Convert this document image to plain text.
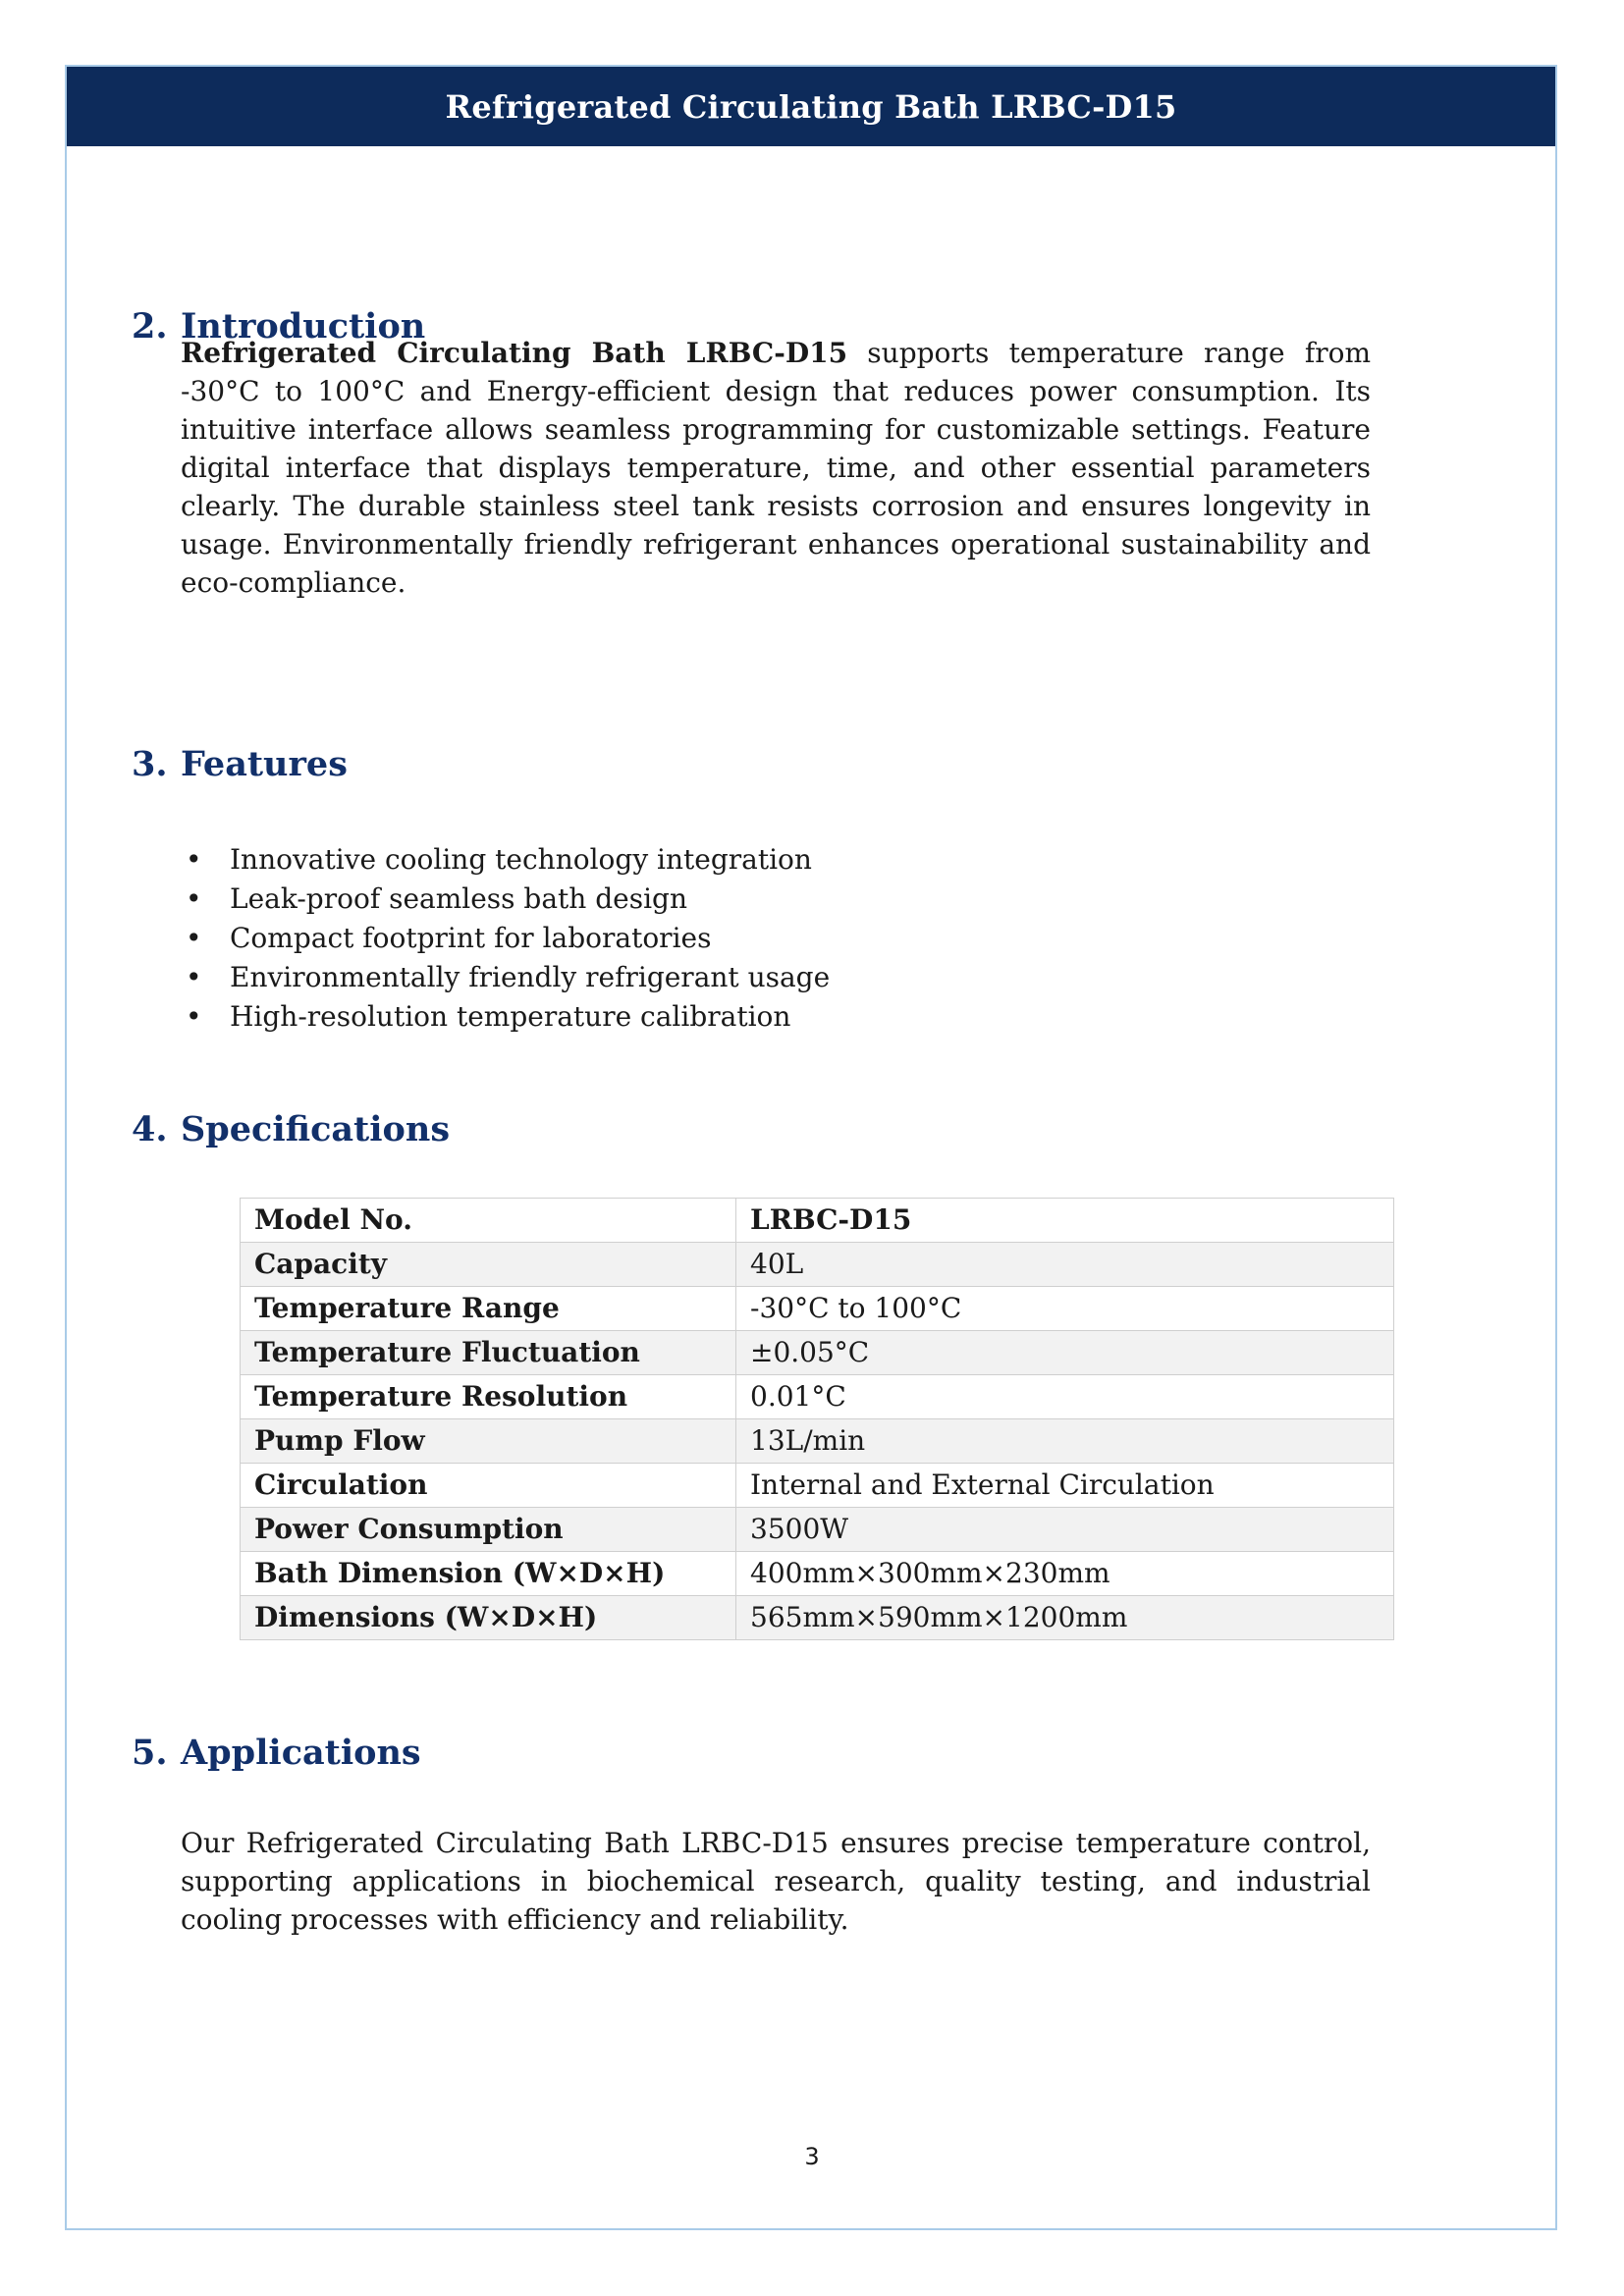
Refrigerated Circulating Bath LRBC-D15
2. Introduction

Refrigerated Circulating Bath LRBC-D15 supports temperature range from -30°C to 100°C and Energy-efficient design that reduces power consumption. Its intuitive interface allows seamless programming for customizable settings. Feature digital interface that displays temperature, time, and other essential parameters clearly. The durable stainless steel tank resists corrosion and ensures longevity in usage. Environmentally friendly refrigerant enhances operational sustainability and eco-compliance.

3. Features
• Innovative cooling technology integration
• Leak-proof seamless bath design
• Compact footprint for laboratories
• Environmentally friendly refrigerant usage
• High-resolution temperature calibration
4. Specifications
Model No.	LRBC-D15
Capacity	40L
Temperature Range	-30°C to 100°C
Temperature Fluctuation	±0.05°C
Temperature Resolution	0.01°C
Pump Flow	13L/min
Circulation	Internal and External Circulation
Power Consumption	3500W
Bath Dimension (W×D×H)	400mm×300mm×230mm
Dimensions (W×D×H)	565mm×590mm×1200mm
5. Applications

Our Refrigerated Circulating Bath LRBC-D15 ensures precise temperature control, supporting applications in biochemical research, quality testing, and industrial cooling processes with efficiency and reliability.

3
